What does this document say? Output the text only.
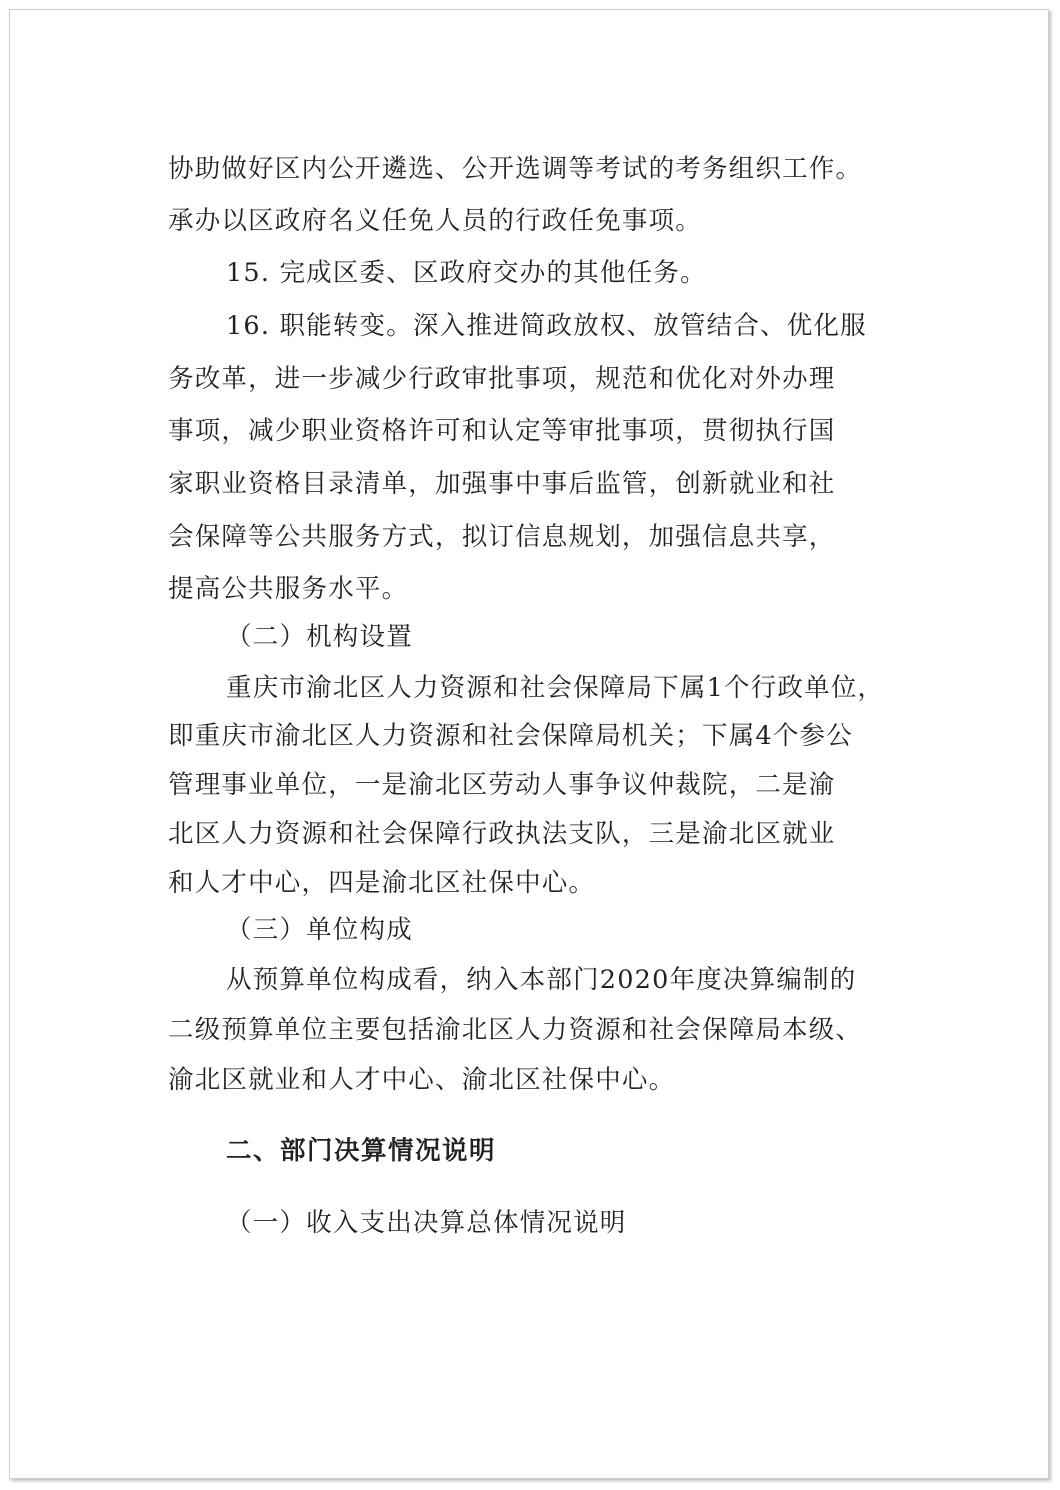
协助做好区内公开遴选、公开选调等考试的考务组织工作。
承办以区政府名义任免人员的行政任免事项。
15. 完成区委、区政府交办的其他任务。
16. 职能转变。深入推进简政放权、放管结合、优化服
务改革，进一步减少行政审批事项，规范和优化对外办理
事项，减少职业资格许可和认定等审批事项，贯彻执行国
家职业资格目录清单，加强事中事后监管，创新就业和社
会保障等公共服务方式，拟订信息规划，加强信息共享，
提高公共服务水平。
（二）机构设置
重庆市渝北区人力资源和社会保障局下属1个行政单位，
即重庆市渝北区人力资源和社会保障局机关；下属4个参公
管理事业单位，一是渝北区劳动人事争议仲裁院，二是渝
北区人力资源和社会保障行政执法支队，三是渝北区就业
和人才中心，四是渝北区社保中心。
（三）单位构成
从预算单位构成看，纳入本部门2020年度决算编制的
二级预算单位主要包括渝北区人力资源和社会保障局本级、
渝北区就业和人才中心、渝北区社保中心。
二、部门决算情况说明
（一）收入支出决算总体情况说明
